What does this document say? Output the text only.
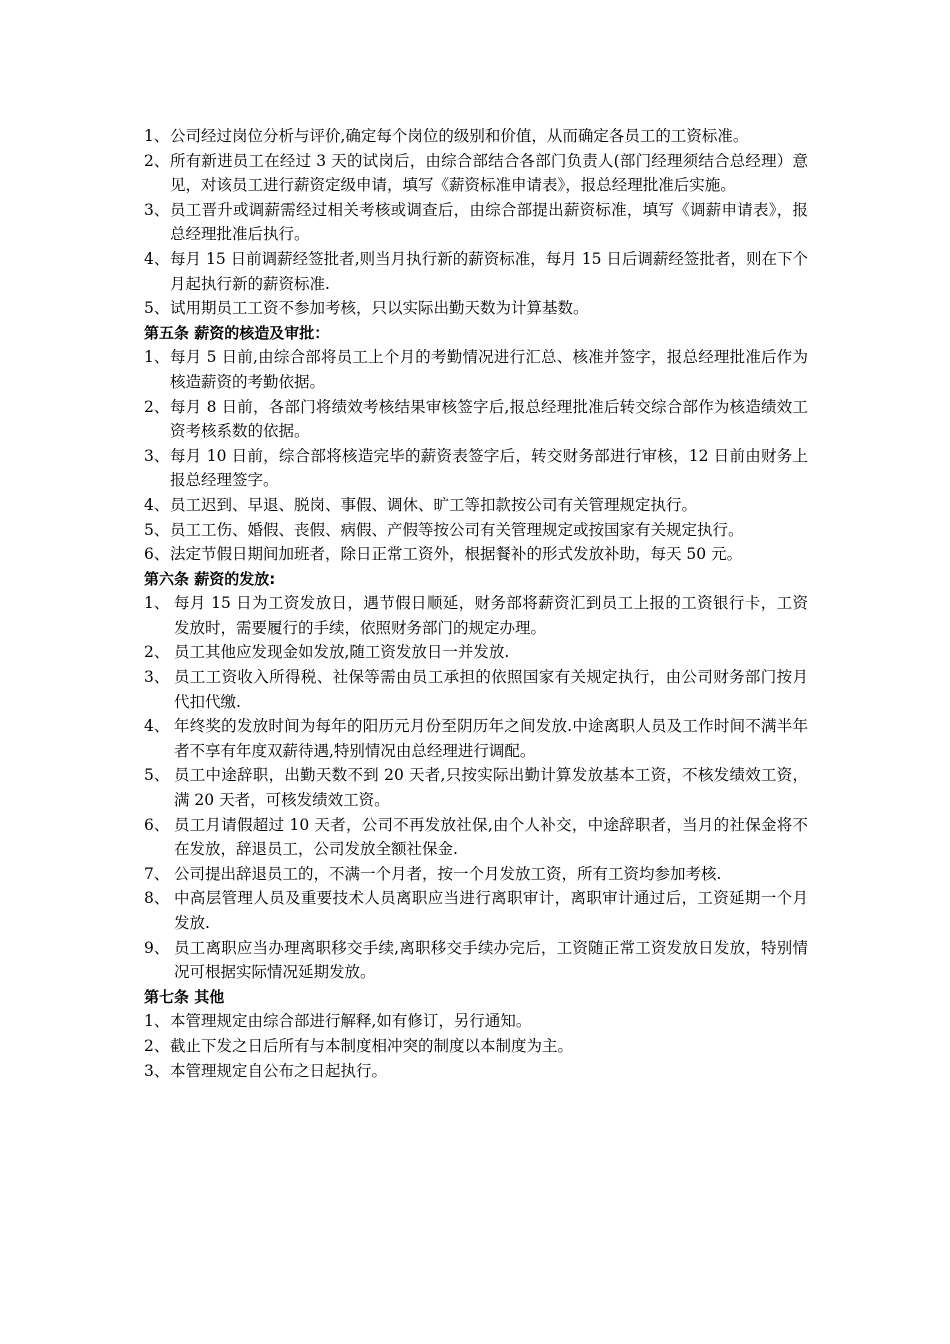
1、 公司经过岗位分析与评价,确定每个岗位的级别和价值，从而确定各员工的工资标准。

2、 所有新进员工在经过 3 天的试岗后，由综合部结合各部门负责人(部门经理须结合总经理）意见，对该员工进行薪资定级申请，填写《薪资标准申请表》，报总经理批准后实施。

3、 员工晋升或调薪需经过相关考核或调查后，由综合部提出薪资标准，填写《调薪申请表》，报总经理批准后执行。

4、 每月 15 日前调薪经签批者,则当月执行新的薪资标准，每月 15 日后调薪经签批者，则在下个月起执行新的薪资标准.

5、 试用期员工工资不参加考核，只以实际出勤天数为计算基数。

第五条 薪资的核造及审批：

1、 每月 5 日前,由综合部将员工上个月的考勤情况进行汇总、核准并签字，报总经理批准后作为核造薪资的考勤依据。

2、 每月 8 日前，各部门将绩效考核结果审核签字后,报总经理批准后转交综合部作为核造绩效工资考核系数的依据。

3、 每月 10 日前，综合部将核造完毕的薪资表签字后，转交财务部进行审核，12 日前由财务上报总经理签字。

4、 员工迟到、早退、脱岗、事假、调休、旷工等扣款按公司有关管理规定执行。

5、 员工工伤、婚假、丧假、病假、产假等按公司有关管理规定或按国家有关规定执行。

6、 法定节假日期间加班者，除日正常工资外，根据餐补的形式发放补助，每天 50 元。

第六条 薪资的发放:

1、 每月 15 日为工资发放日，遇节假日顺延，财务部将薪资汇到员工上报的工资银行卡，工资发放时，需要履行的手续，依照财务部门的规定办理。

2、 员工其他应发现金如发放,随工资发放日一并发放.

3、 员工工资收入所得税、社保等需由员工承担的依照国家有关规定执行，由公司财务部门按月代扣代缴.

4、 年终奖的发放时间为每年的阳历元月份至阴历年之间发放.中途离职人员及工作时间不满半年者不享有年度双薪待遇,特别情况由总经理进行调配。

5、 员工中途辞职，出勤天数不到 20 天者,只按实际出勤计算发放基本工资，不核发绩效工资，满 20 天者，可核发绩效工资。

6、 员工月请假超过 10 天者，公司不再发放社保,由个人补交，中途辞职者，当月的社保金将不在发放，辞退员工，公司发放全额社保金.

7、 公司提出辞退员工的，不满一个月者，按一个月发放工资，所有工资均参加考核.

8、 中高层管理人员及重要技术人员离职应当进行离职审计，离职审计通过后，工资延期一个月发放.

9、 员工离职应当办理离职移交手续,离职移交手续办完后，工资随正常工资发放日发放，特别情况可根据实际情况延期发放。

第七条 其他

1、 本管理规定由综合部进行解释,如有修订，另行通知。

2、 截止下发之日后所有与本制度相冲突的制度以本制度为主。

3、 本管理规定自公布之日起执行。
